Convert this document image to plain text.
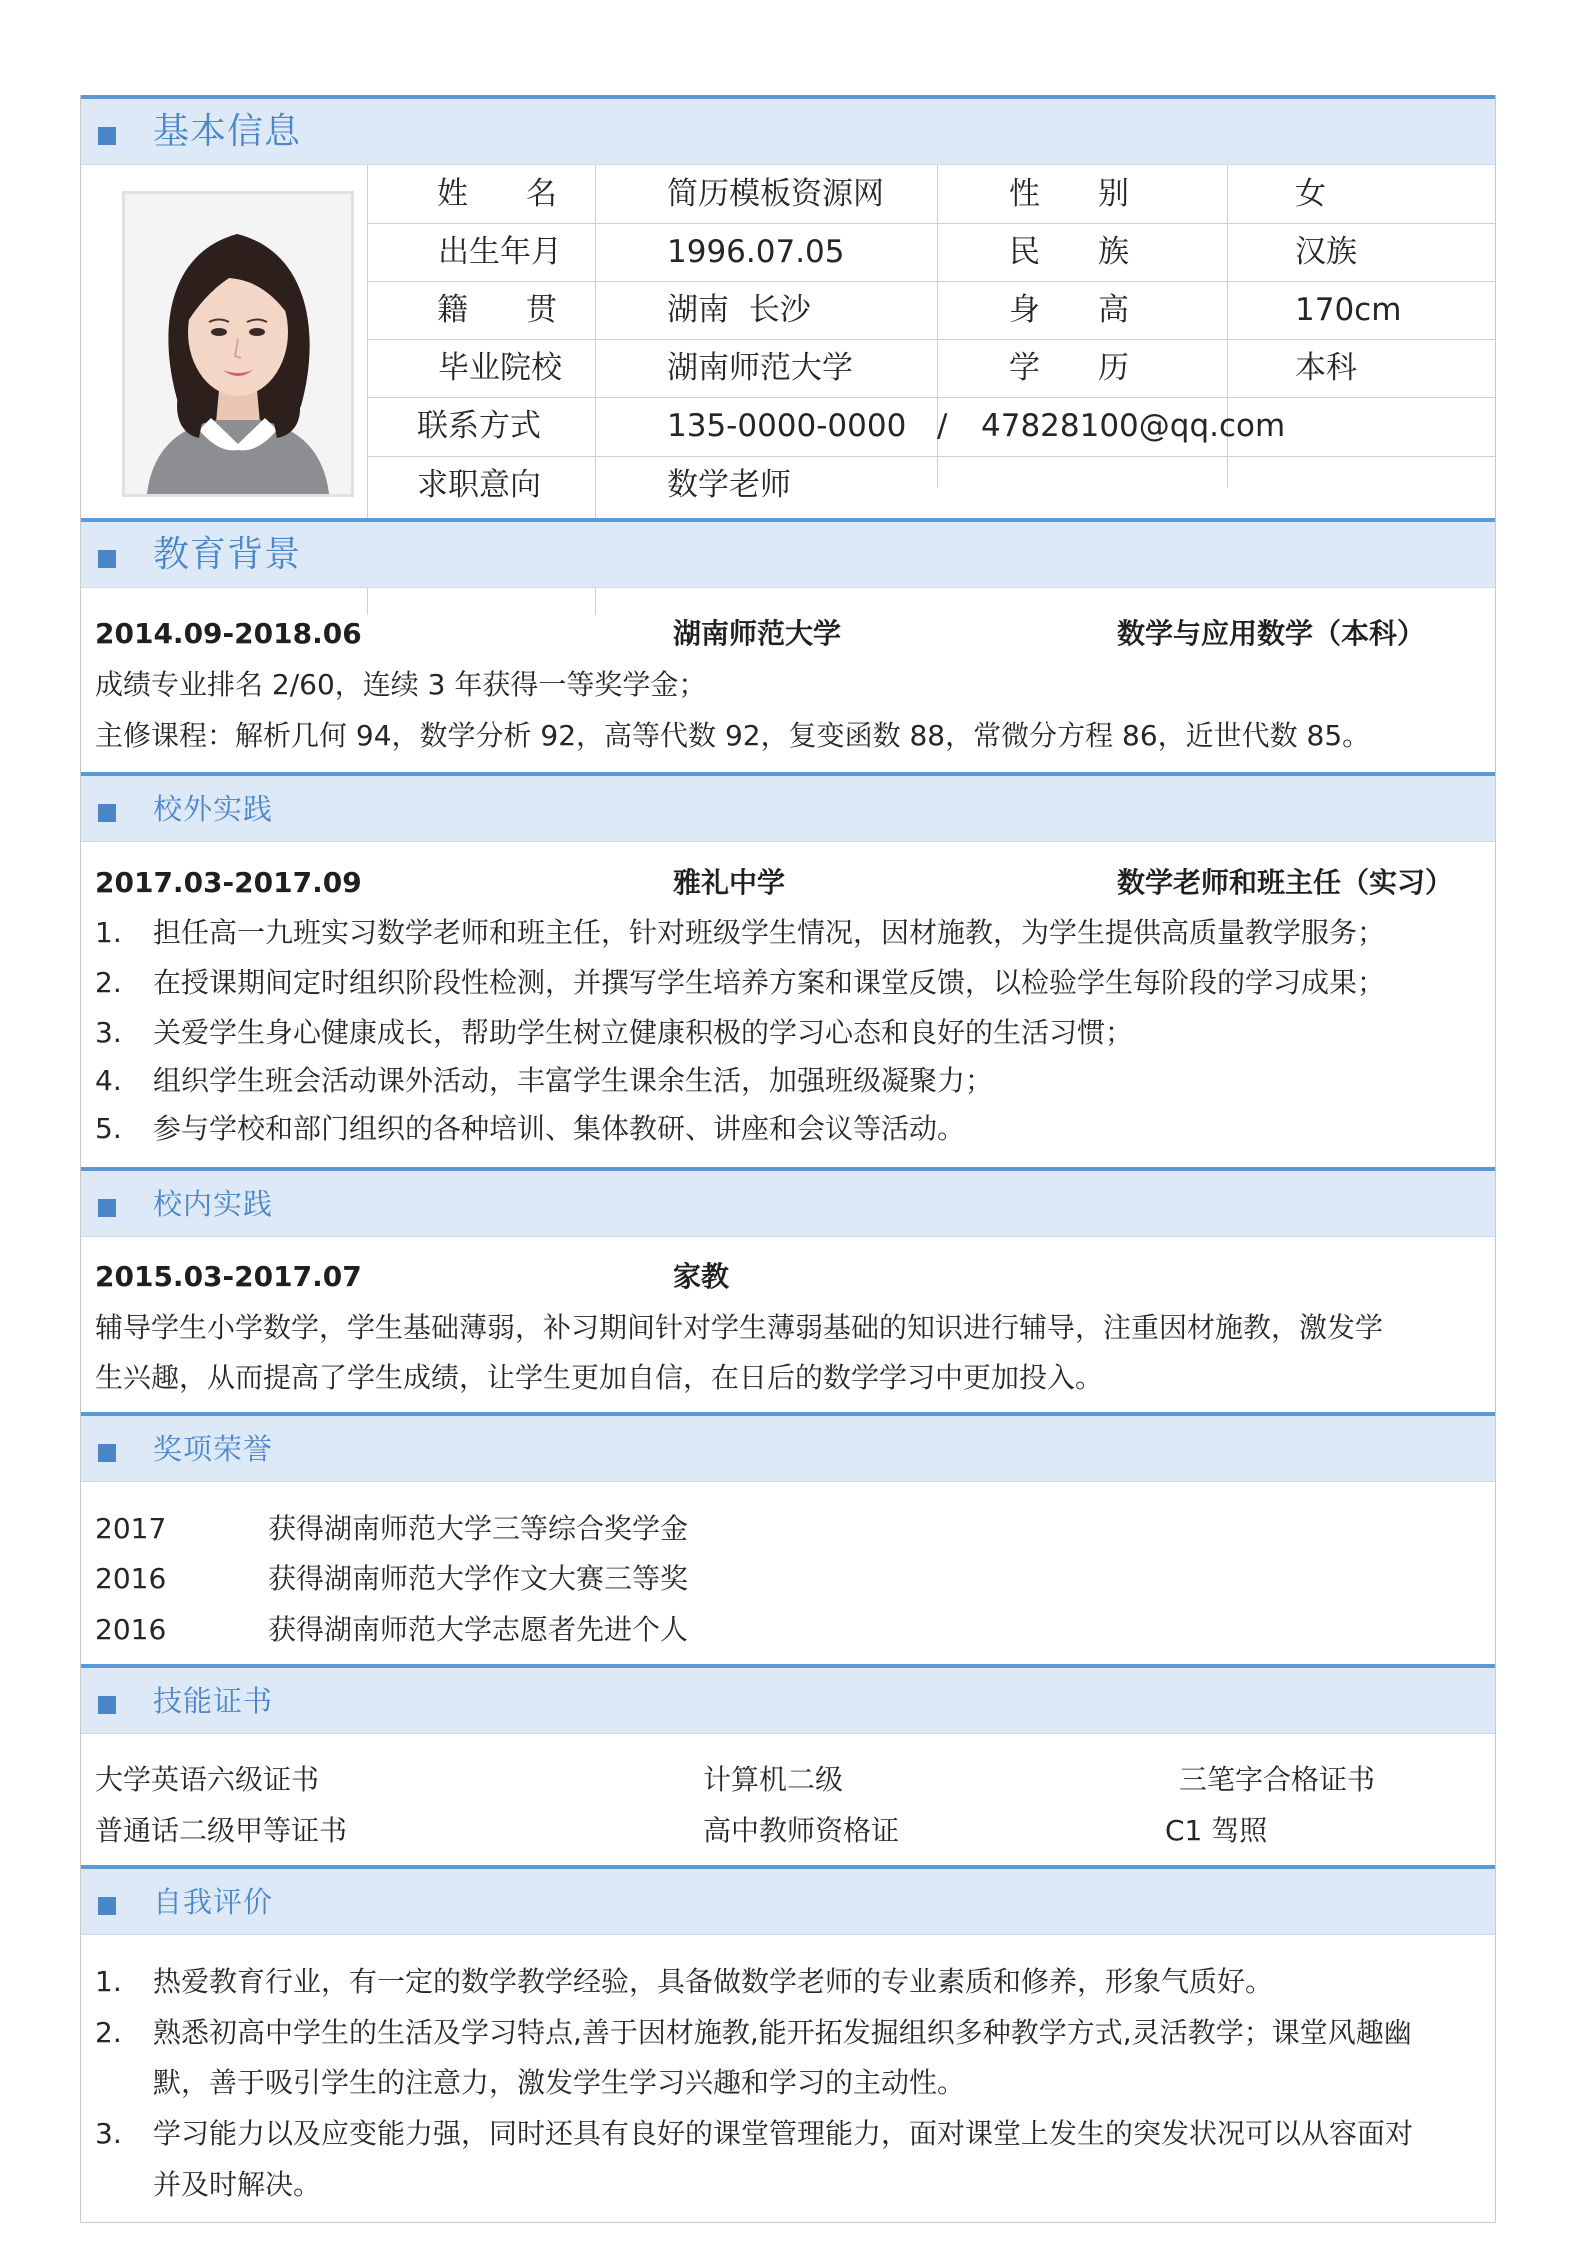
基本信息
姓名 简历模板资源网	性别	女
出生年月	1996.07.05	民族	汉族
籍贯 湖南  长沙	身高	170cm
毕业院校	湖南师范大学	学历	本科
联系方式	135-0000-0000 / 47828100@qq.com
求职意向	数学老师
教育背景
2014.09-2018.06	湖南师范大学	数学与应用数学（本科）
成绩专业排名 2/60，连续 3 年获得一等奖学金；
主修课程：解析几何 94，数学分析 92，高等代数 92，复变函数 88，常微分方程 86，近世代数 85。
校外实践
2017.03-2017.09	雅礼中学	数学老师和班主任（实习）
1. 担任高一九班实习数学老师和班主任，针对班级学生情况，因材施教，为学生提供高质量教学服务；
2. 在授课期间定时组织阶段性检测，并撰写学生培养方案和课堂反馈，以检验学生每阶段的学习成果；
3. 关爱学生身心健康成长，帮助学生树立健康积极的学习心态和良好的生活习惯；
4. 组织学生班会活动课外活动，丰富学生课余生活，加强班级凝聚力；
5. 参与学校和部门组织的各种培训、集体教研、讲座和会议等活动。
校内实践
2015.03-2017.07	家教
辅导学生小学数学，学生基础薄弱，补习期间针对学生薄弱基础的知识进行辅导，注重因材施教，激发学
生兴趣，从而提高了学生成绩，让学生更加自信，在日后的数学学习中更加投入。
奖项荣誉
2017	获得湖南师范大学三等综合奖学金
2016	获得湖南师范大学作文大赛三等奖
2016	获得湖南师范大学志愿者先进个人
技能证书
大学英语六级证书	计算机二级	三笔字合格证书
普通话二级甲等证书	高中教师资格证	C1 驾照
自我评价
1. 热爱教育行业，有一定的数学教学经验，具备做数学老师的专业素质和修养，形象气质好。
2. 熟悉初高中学生的生活及学习特点,善于因材施教,能开拓发掘组织多种教学方式,灵活教学；课堂风趣幽
默，善于吸引学生的注意力，激发学生学习兴趣和学习的主动性。
3. 学习能力以及应变能力强，同时还具有良好的课堂管理能力，面对课堂上发生的突发状况可以从容面对
并及时解决。
